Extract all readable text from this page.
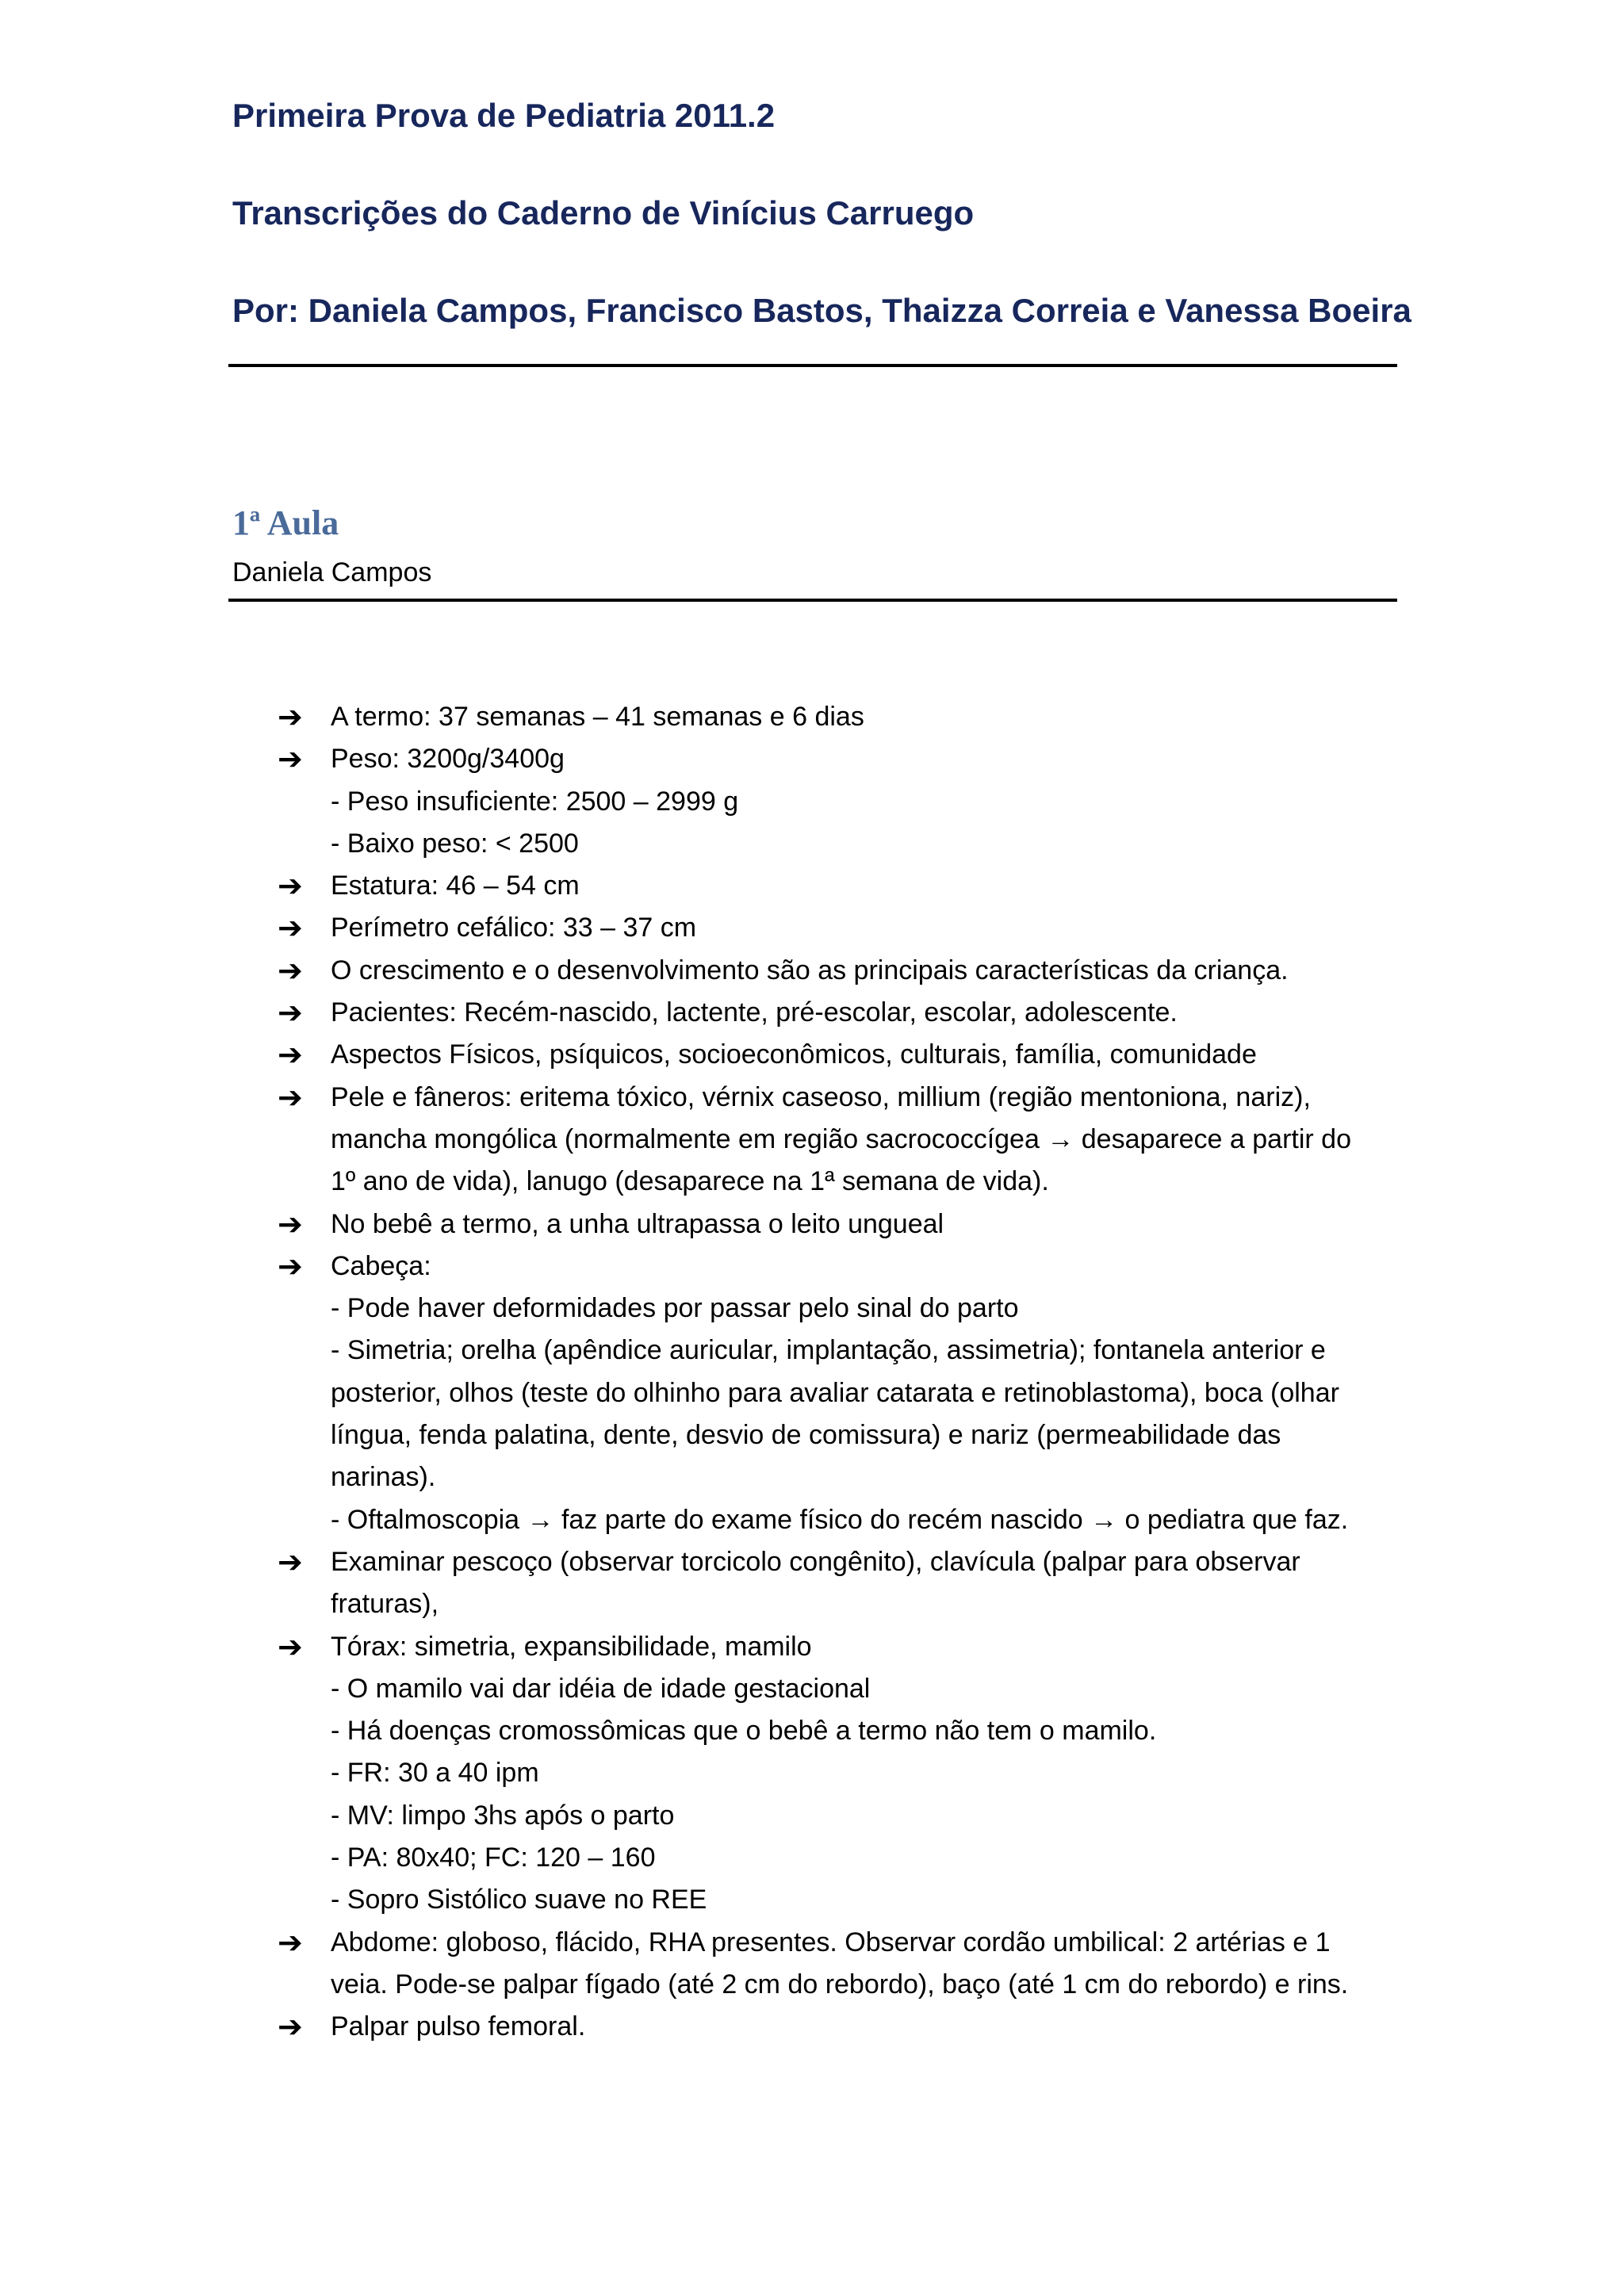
Primeira Prova de Pediatria 2011.2

Transcrições do Caderno de Vinícius Carruego

Por: Daniela Campos, Francisco Bastos, Thaizza Correia e Vanessa Boeira

1ª Aula

Daniela Campos

➔	A termo: 37 semanas – 41 semanas e 6 dias
➔	Peso: 3200g/3400g
- Peso insuficiente: 2500 – 2999 g
- Baixo peso: < 2500
➔	Estatura: 46 – 54 cm
➔	Perímetro cefálico: 33 – 37 cm
➔	O crescimento e o desenvolvimento são as principais características da criança.
➔	Pacientes: Recém-nascido, lactente, pré-escolar, escolar, adolescente.
➔	Aspectos Físicos, psíquicos, socioeconômicos, culturais, família, comunidade
➔	Pele e fâneros: eritema tóxico, vérnix caseoso, millium (região mentoniona, nariz),
mancha mongólica (normalmente em região sacrococcígea → desaparece a partir do
1º ano de vida), lanugo (desaparece na 1ª semana de vida).
➔	No bebê a termo, a unha ultrapassa o leito ungueal
➔	Cabeça:
- Pode haver deformidades por passar pelo sinal do parto
- Simetria; orelha (apêndice auricular, implantação, assimetria); fontanela anterior e
posterior, olhos (teste do olhinho para avaliar catarata e retinoblastoma), boca (olhar
língua, fenda palatina, dente, desvio de comissura) e nariz (permeabilidade das
narinas).
- Oftalmoscopia → faz parte do exame físico do recém nascido → o pediatra que faz.
➔	Examinar pescoço (observar torcicolo congênito), clavícula (palpar para observar
fraturas),
➔	Tórax: simetria, expansibilidade, mamilo
- O mamilo vai dar idéia de idade gestacional
- Há doenças cromossômicas que o bebê a termo não tem o mamilo.
- FR: 30 a 40 ipm
- MV: limpo 3hs após o parto
- PA: 80x40; FC: 120 – 160
- Sopro Sistólico suave no REE
➔	Abdome: globoso, flácido, RHA presentes. Observar cordão umbilical: 2 artérias e 1
veia. Pode-se palpar fígado (até 2 cm do rebordo), baço (até 1 cm do rebordo) e rins.
➔	Palpar pulso femoral.
